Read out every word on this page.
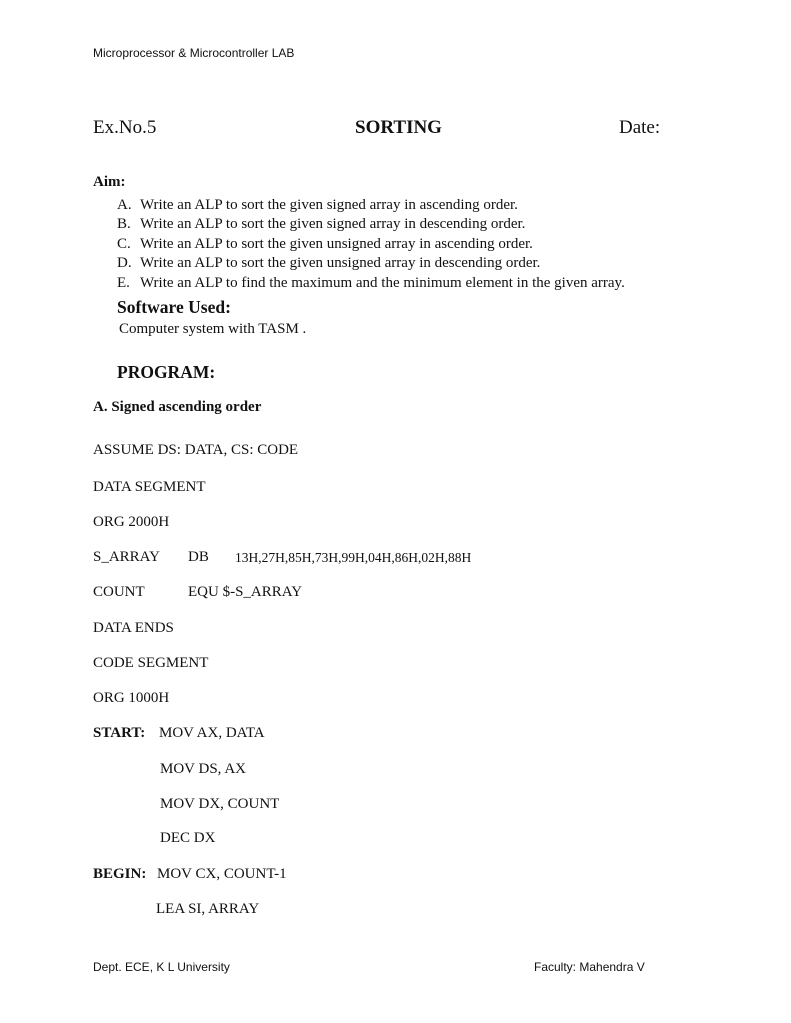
Microprocessor & Microcontroller LAB
Ex.No.5	SORTING	Date:
Aim:
A. Write an ALP to sort the given signed array in ascending order.
B. Write an ALP to sort the given signed array in descending order.
C. Write an ALP to sort the given unsigned array in ascending order.
D. Write an ALP to sort the given unsigned array in descending order.
E. Write an ALP to find the maximum and the minimum element in the given array.
Software Used:
Computer system with TASM .
PROGRAM:
A. Signed ascending order
ASSUME DS: DATA, CS: CODE
DATA SEGMENT
ORG 2000H
S_ARRAY DB 13H,27H,85H,73H,99H,04H,86H,02H,88H
COUNT	EQU $-S_ARRAY
DATA ENDS
CODE SEGMENT
ORG 1000H
START: MOV AX, DATA
MOV DS, AX
MOV DX, COUNT
DEC DX
BEGIN: MOV CX, COUNT-1
LEA SI, ARRAY
Dept. ECE, K L University	Faculty: Mahendra V
